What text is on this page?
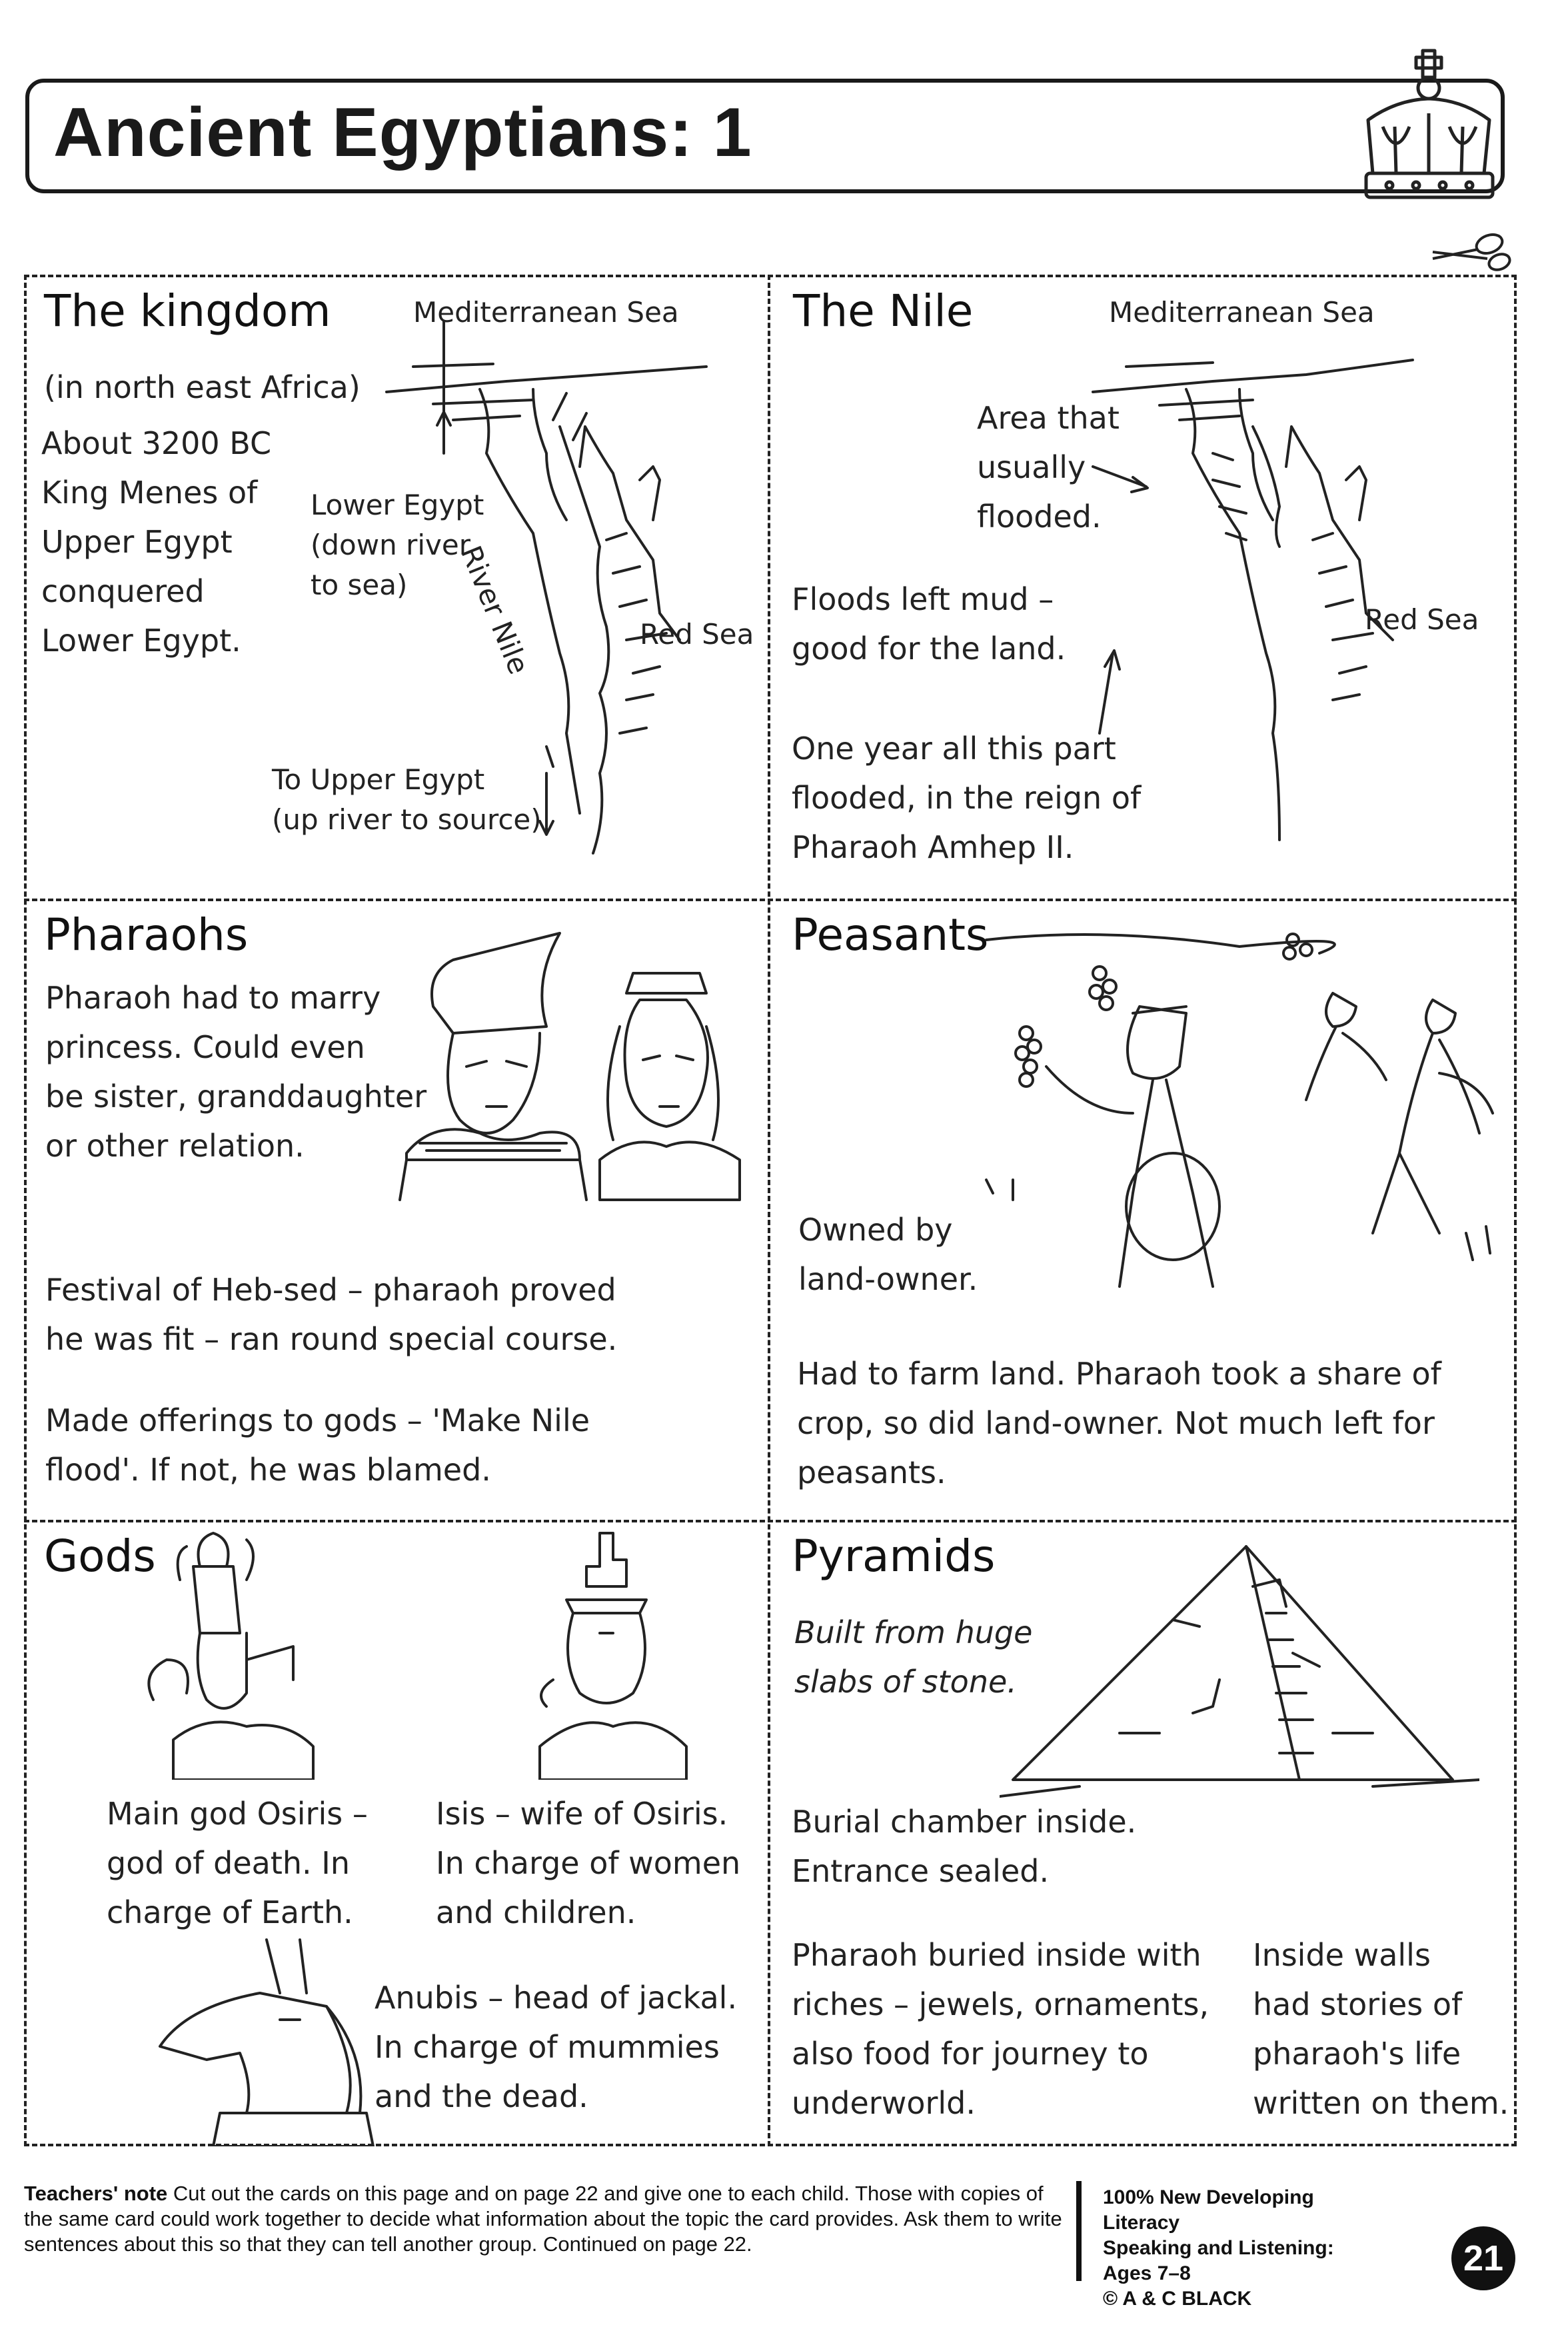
Ancient Egyptians: 1
The kingdom	Mediterranean Sea
(in north east Africa)
About 3200 BC
King Menes of
Upper Egypt
conquered
Lower Egypt.
Lower Egypt
(down river
to sea)
Red Sea
To Upper Egypt
(up river to source)
River Nile
The Nile	Mediterranean Sea
Area that
usually
flooded.
Red Sea
Floods left mud –
good for the land.
One year all this part
flooded, in the reign of
Pharaoh Amhep II.
Pharaohs
Pharaoh had to marry
princess. Could even
be sister, granddaughter
or other relation.
Festival of Heb-sed – pharaoh proved
he was fit – ran round special course.
Made offerings to gods – 'Make Nile
flood'. If not, he was blamed.
Peasants
Owned by
land-owner.
Had to farm land. Pharaoh took a share of
crop, so did land-owner. Not much left for
peasants.
Gods
Main god Osiris –
god of death. In
charge of Earth.
Isis – wife of Osiris.
In charge of women
and children.
Anubis – head of jackal.
In charge of mummies
and the dead.
Pyramids
Built from huge
slabs of stone.
Burial chamber inside.
Entrance sealed.
Pharaoh buried inside with
riches – jewels, ornaments,
also food for journey to
underworld.
Inside walls
had stories of
pharaoh's life
written on them.
Teachers' note Cut out the cards on this page and on page 22 and give one to each child. Those with copies of the same card could work together to decide what information about the topic the card provides. Ask them to write sentences about this so that they can tell another group. Continued on page 22.
100% New Developing Literacy
Speaking and Listening:
Ages 7–8
© A & C BLACK
21
